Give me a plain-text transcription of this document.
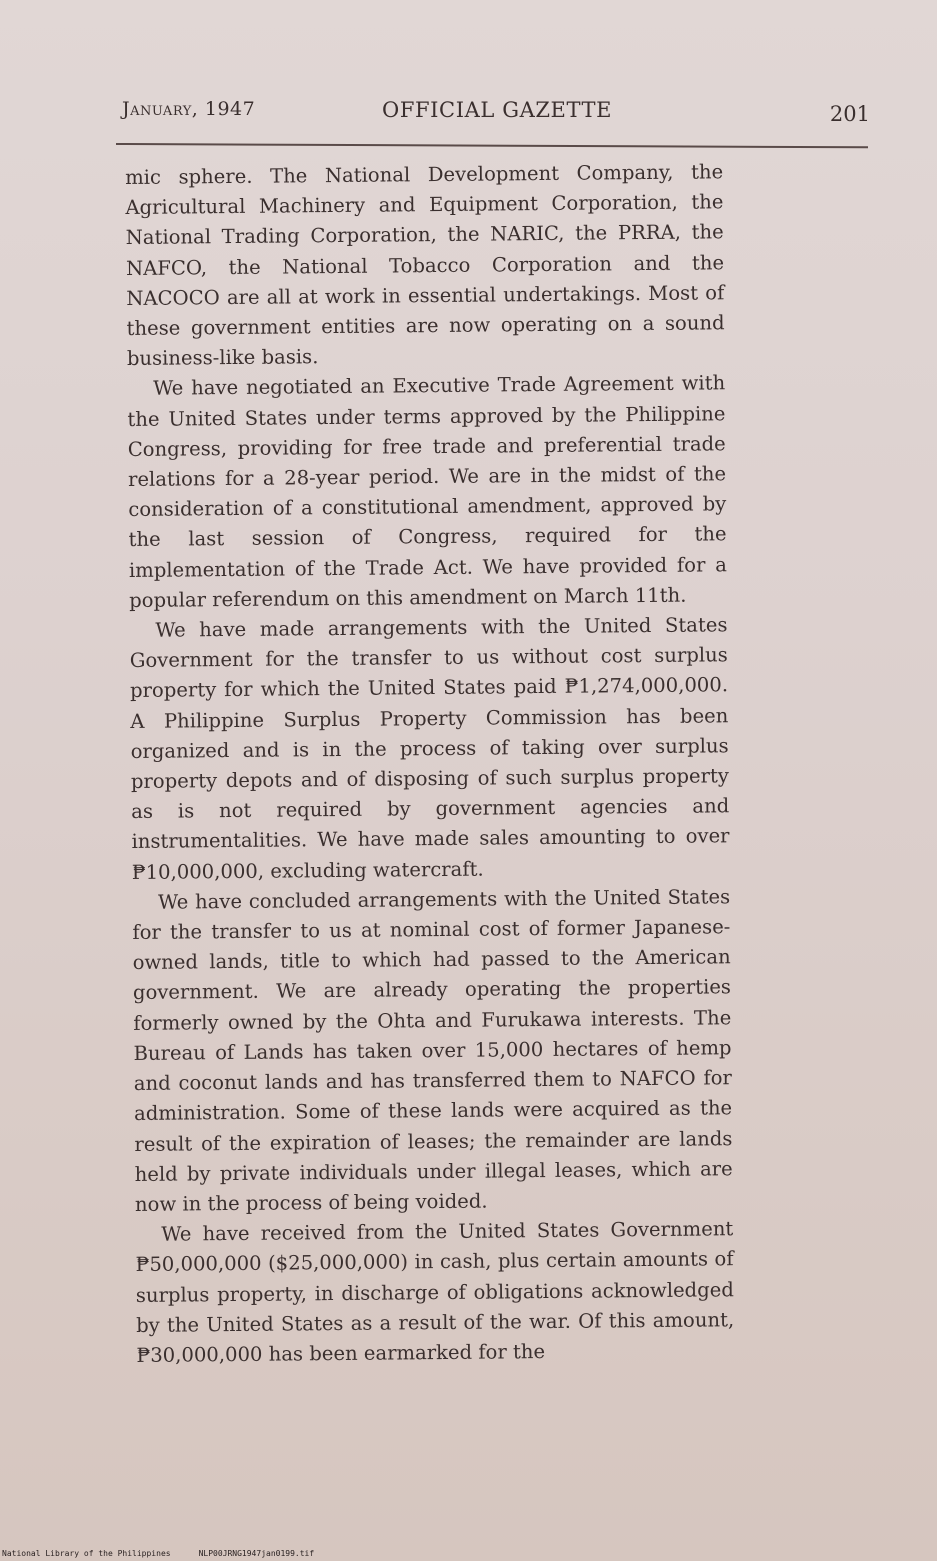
January, 1947	OFFICIAL GAZETTE	201

mic sphere. The National Development Company, the Agricultural Machinery and Equipment Corporation, the National Trading Corporation, the NARIC, the PRRA, the NAFCO, the National Tobacco Corporation and the NACOCO are all at work in essential undertakings. Most of these government entities are now operating on a sound business-like basis.

We have negotiated an Executive Trade Agreement with the United States under terms approved by the Philippine Congress, providing for free trade and preferential trade relations for a 28-year period. We are in the midst of the consideration of a constitutional amendment, approved by the last session of Congress, required for the implementation of the Trade Act. We have provided for a popular referendum on this amendment on March 11th.

We have made arrangements with the United States Government for the transfer to us without cost surplus property for which the United States paid ₱1,274,000,000. A Philippine Surplus Property Commission has been organized and is in the process of taking over surplus property depots and of disposing of such surplus property as is not required by government agencies and instrumentalities. We have made sales amounting to over ₱10,000,000, excluding watercraft.

We have concluded arrangements with the United States for the transfer to us at nominal cost of former Japanese-owned lands, title to which had passed to the American government. We are already operating the properties formerly owned by the Ohta and Furukawa interests. The Bureau of Lands has taken over 15,000 hectares of hemp and coconut lands and has transferred them to NAFCO for administration. Some of these lands were acquired as the result of the expiration of leases; the remainder are lands held by private individuals under illegal leases, which are now in the process of being voided.

We have received from the United States Government ₱50,000,000 ($25,000,000) in cash, plus certain amounts of surplus property, in discharge of obligations acknowledged by the United States as a result of the war. Of this amount, ₱30,000,000 has been earmarked for the

National Library of the Philippines	NLP00JRNG1947jan0199.tif
